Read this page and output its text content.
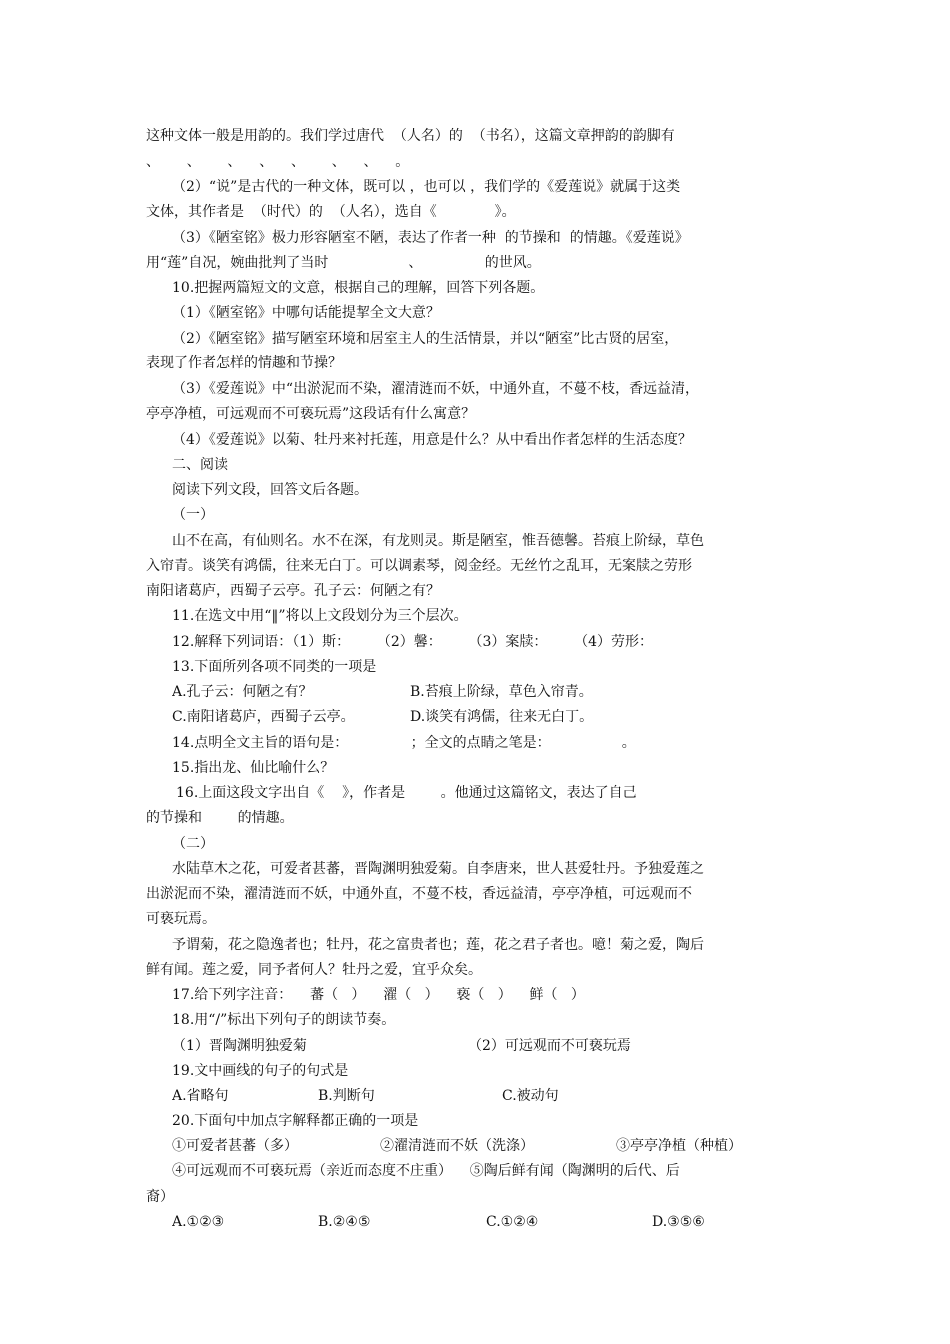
这种文体一般是用韵的。我们学过唐代  （人名）的  （书名），这篇文章押韵的韵脚有
、      、      、    、    、      、    、    。
（2）“说”是古代的一种文体，既可以 ，也可以 ，我们学的《爱莲说》就属于这类
文体，其作者是  （时代）的  （人名），选自《             》。
（3）《陋室铭》极力形容陋室不陋，表达了作者一种  的节操和  的情趣。《爱莲说》
用“莲”自况，婉曲批判了当时                  、              的世风。
10.把握两篇短文的文意，根据自己的理解，回答下列各题。
（1）《陋室铭》中哪句话能提挈全文大意？
（2）《陋室铭》描写陋室环境和居室主人的生活情景，并以“陋室”比古贤的居室，
表现了作者怎样的情趣和节操？
（3）《爱莲说》中“出淤泥而不染，濯清涟而不妖，中通外直，不蔓不枝，香远益清，
亭亭净植，可远观而不可亵玩焉”这段话有什么寓意？
（4）《爱莲说》以菊、牡丹来衬托莲，用意是什么？从中看出作者怎样的生活态度？
二、阅读
阅读下列文段，回答文后各题。
（一）
山不在高，有仙则名。水不在深，有龙则灵。斯是陋室，惟吾德馨。苔痕上阶绿，草色
入帘青。谈笑有鸿儒，往来无白丁。可以调素琴，阅金经。无丝竹之乱耳，无案牍之劳形
南阳诸葛庐，西蜀子云亭。孔子云：何陋之有？
11.在选文中用“‖”将以上文段划分为三个层次。
12.解释下列词语：（1）斯：      （2）馨：      （3）案牍：      （4）劳形：
13.下面所列各项不同类的一项是

A.孔子云：何陋之有？

	B.苔痕上阶绿，草色入帘青。

C.南阳诸葛庐，西蜀子云亭。

	D.谈笑有鸿儒，往来无白丁。

14.点明全文主旨的语句是：              ；全文的点睛之笔是：                。
15.指出龙、仙比喻什么？
16.上面这段文字出自《    》，作者是        。他通过这篇铭文，表达了自己
的节操和        的情趣。
（二）
水陆草木之花，可爱者甚蕃，晋陶渊明独爱菊。自李唐来，世人甚爱牡丹。予独爱莲之
出淤泥而不染，濯清涟而不妖，中通外直，不蔓不枝，香远益清，亭亭净植，可远观而不
可亵玩焉。
予谓菊，花之隐逸者也；牡丹，花之富贵者也；莲，花之君子者也。噫！菊之爱，陶后
鲜有闻。莲之爱，同予者何人？牡丹之爱，宜乎众矣。
17.给下列字注音：    蕃（   ）    濯（   ）    亵（   ）    鲜（   ）
18.用“/”标出下列句子的朗读节奏。

（1）晋陶渊明独爱菊

	（2）可远观而不可亵玩焉

19.文中画线的句子的句式是

A.省略句

	B.判断句

	C.被动句

20.下面句中加点字解释都正确的一项是

①可爱者甚蕃（多）

	②濯清涟而不妖（洗涤）

	③亭亭净植（种植）

④可远观而不可亵玩焉（亲近而态度不庄重）    ⑤陶后鲜有闻（陶渊明的后代、后
裔）

A.①②③

	B.②④⑤

	C.①②④

	D.③⑤⑥
